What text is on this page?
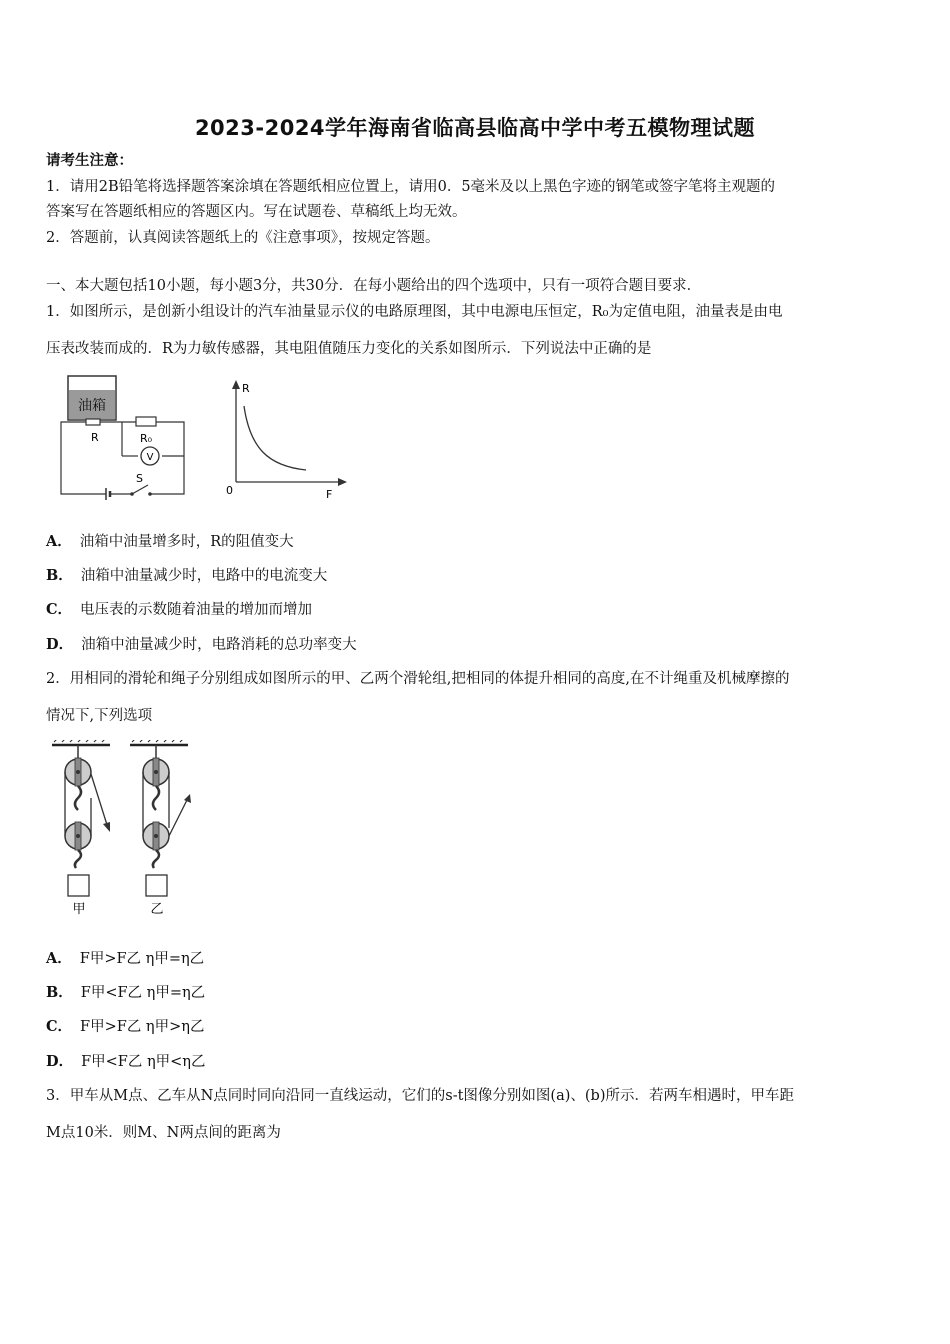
2023-2024学年海南省临高县临高中学中考五模物理试题
请考生注意：
1．请用2B铅笔将选择题答案涂填在答题纸相应位置上，请用0．5毫米及以上黑色字迹的钢笔或签字笔将主观题的
答案写在答题纸相应的答题区内。写在试题卷、草稿纸上均无效。
2．答题前，认真阅读答题纸上的《注意事项》，按规定答题。
一、本大题包括10小题，每小题3分，共30分．在每小题给出的四个选项中，只有一项符合题目要求．
1．如图所示，是创新小组设计的汽车油量显示仪的电路原理图，其中电源电压恒定，R₀为定值电阻，油量表是由电
压表改装而成的．R为力敏传感器，其电阻值随压力变化的关系如图所示．下列说法中正确的是
油箱
R
S
R₀
V
R
F
0
A． 油箱中油量增多时，R的阻值变大
B． 油箱中油量减少时，电路中的电流变大
C． 电压表的示数随着油量的增加而增加
D． 油箱中油量减少时，电路消耗的总功率变大
2．用相同的滑轮和绳子分别组成如图所示的甲、乙两个滑轮组,把相同的体提升相同的高度,在不计绳重及机械摩擦的
情况下,下列选项
甲	乙
A． F甲>F乙 η甲=η乙
B． F甲<F乙 η甲=η乙
C． F甲>F乙 η甲>η乙
D． F甲<F乙 η甲<η乙
3．甲车从M点、乙车从N点同时同向沿同一直线运动，它们的s-t图像分别如图(a)、(b)所示．若两车相遇时，甲车距
M点10米．则M、N两点间的距离为
